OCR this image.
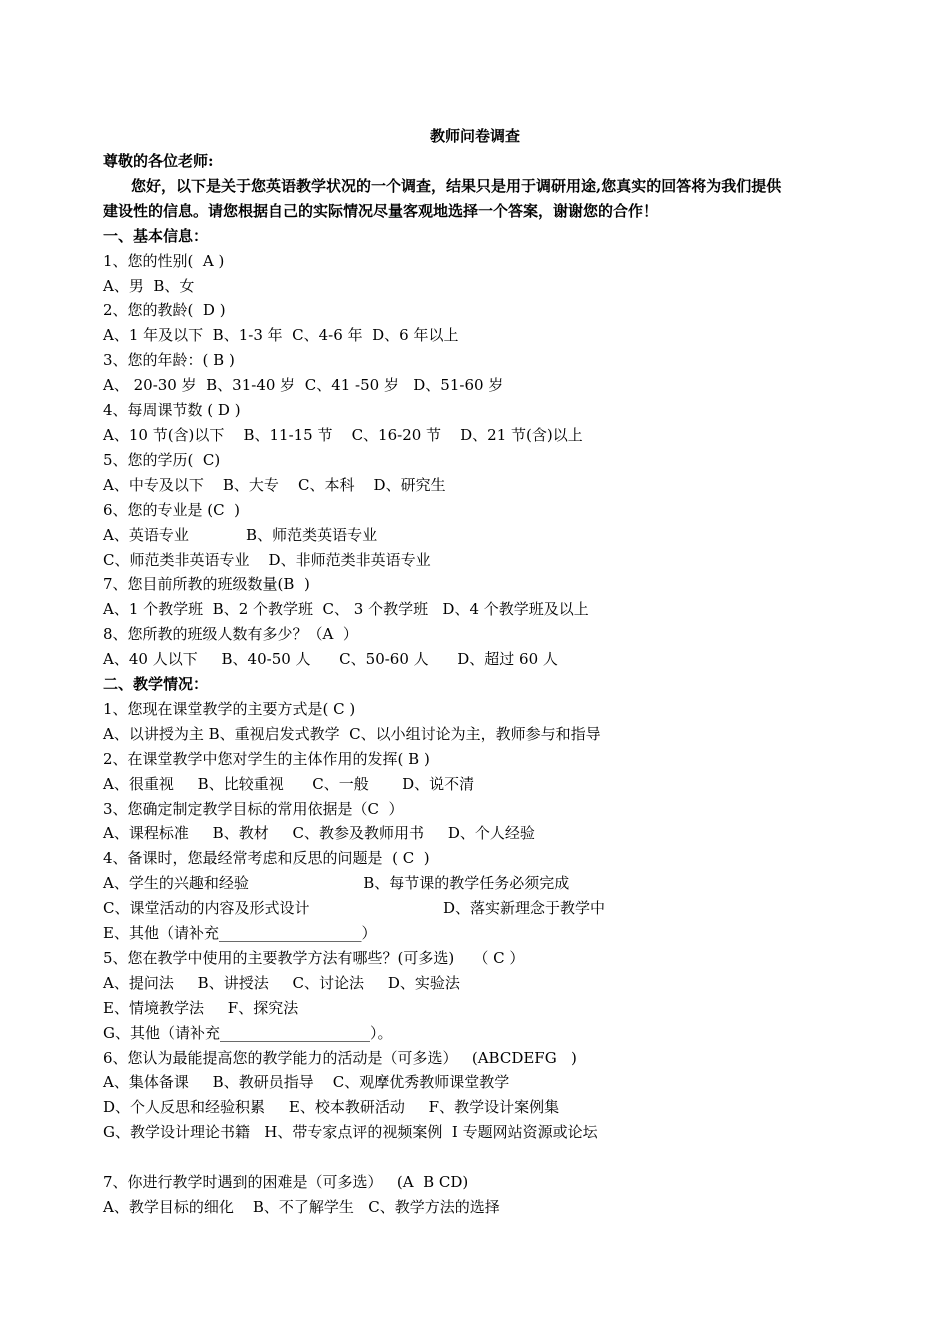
教师问卷调查
尊敬的各位老师:
您好，以下是关于您英语教学状况的一个调查，结果只是用于调研用途,您真实的回答将为我们提供
建设性的信息。请您根据自己的实际情况尽量客观地选择一个答案，谢谢您的合作！
一、基本信息：
1、您的性别(  A )
A、男  B、女
2、您的教龄(  D )
A、1 年及以下  B、1-3 年  C、4-6 年  D、6 年以上
3、您的年龄：( B )
A、 20-30 岁  B、31-40 岁  C、41 -50 岁   D、51-60 岁
4、每周课节数 ( D )
A、10 节(含)以下    B、11-15 节    C、16-20 节    D、21 节(含)以上
5、您的学历(  C)
A、中专及以下    B、大专    C、本科    D、研究生
6、您的专业是 (C  )
A、英语专业            B、师范类英语专业
C、师范类非英语专业    D、非师范类非英语专业
7、您目前所教的班级数量(B  )
A、1 个教学班  B、2 个教学班  C、 3 个教学班   D、4 个教学班及以上
8、您所教的班级人数有多少？（A  ）
A、40 人以下     B、40-50 人      C、50-60 人      D、超过 60 人
二、教学情况：
1、您现在课堂教学的主要方式是( C )
A、以讲授为主 B、重视启发式教学  C、以小组讨论为主，教师参与和指导
2、在课堂教学中您对学生的主体作用的发挥( B )
A、很重视     B、比较重视      C、一般       D、说不清
3、您确定制定教学目标的常用依据是（C  ）
A、课程标准     B、教材     C、教参及教师用书     D、个人经验
4、备课时，您最经常考虑和反思的问题是  ( C  )
A、学生的兴趣和经验                        B、每节课的教学任务必须完成
C、课堂活动的内容及形式设计                            D、落实新理念于教学中
E、其他（请补充___________________）
5、您在教学中使用的主要教学方法有哪些？(可多选)    （ C ）
A、提问法     B、讲授法     C、讨论法     D、实验法
E、情境教学法     F、探究法
G、其他（请补充____________________）。
6、您认为最能提高您的教学能力的活动是（可多选）   (ABCDEFG   )
A、集体备课     B、教研员指导    C、观摩优秀教师课堂教学
D、个人反思和经验积累     E、校本教研活动     F、教学设计案例集
G、教学设计理论书籍   H、带专家点评的视频案例  I 专题网站资源或论坛
7、你进行教学时遇到的困难是（可多选）   (A  B CD)
A、教学目标的细化    B、不了解学生   C、教学方法的选择
